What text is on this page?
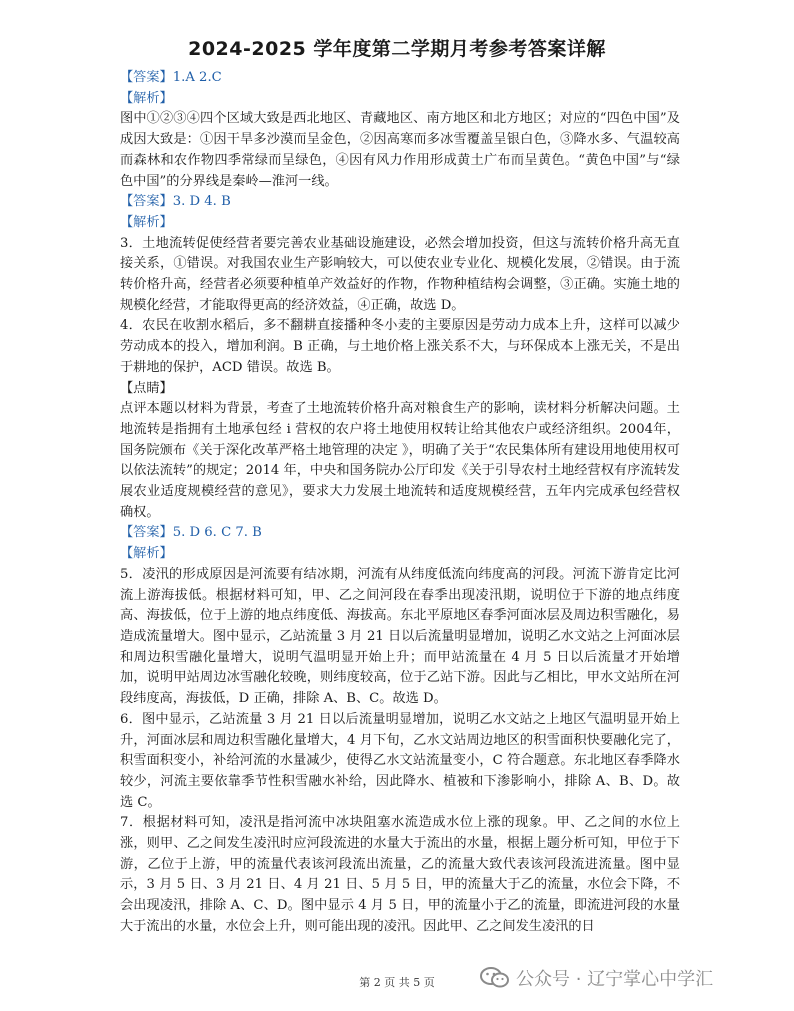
2024-2025 学年度第二学期月考参考答案详解

【答案】1.A 2.C

【解析】

图中①②③④四个区域大致是西北地区、青藏地区、南方地区和北方地区；对应的“四色中国”及成因大致是：①因干旱多沙漠而呈金色，②因高寒而多冰雪覆盖呈银白色，③降水多、气温较高而森林和农作物四季常绿而呈绿色，④因有风力作用形成黄土广布而呈黄色。“黄色中国”与“绿色中国”的分界线是秦岭—淮河一线。

【答案】3. D 4. B

【解析】

3．土地流转促使经营者要完善农业基础设施建设，必然会增加投资，但这与流转价格升高无直接关系，①错误。对我国农业生产影响较大，可以使农业专业化、规模化发展，②错误。由于流转价格升高，经营者必须要种植单产效益好的作物，作物种植结构会调整，③正确。实施土地的规模化经营，才能取得更高的经济效益，④正确，故选 D。

4．农民在收割水稻后，多不翻耕直接播种冬小麦的主要原因是劳动力成本上升，这样可以减少劳动成本的投入，增加利润。B 正确，与土地价格上涨关系不大，与环保成本上涨无关，不是出于耕地的保护，ACD 错误。故选 B。

【点睛】

点评本题以材料为背景，考查了土地流转价格升高对粮食生产的影响，读材料分析解决问题。土地流转是指拥有土地承包经 i 营权的农户将土地使用权转让给其他农户或经济组织。2004年，国务院颁布《关于深化改革严格土地管理的决定 》，明确了关于“农民集体所有建设用地使用权可以依法流转”的规定；2014 年，中央和国务院办公厅印发《关于引导农村土地经营权有序流转发展农业适度规模经营的意见》，要求大力发展土地流转和适度规模经营，五年内完成承包经营权确权。

【答案】5. D 6. C 7. B

【解析】

5．凌汛的形成原因是河流要有结冰期，河流有从纬度低流向纬度高的河段。河流下游肯定比河流上游海拔低。根据材料可知，甲、乙之间河段在春季出现凌汛期，说明位于下游的地点纬度高、海拔低，位于上游的地点纬度低、海拔高。东北平原地区春季河面冰层及周边积雪融化，易造成流量增大。图中显示，乙站流量 3 月 21 日以后流量明显增加，说明乙水文站之上河面冰层和周边积雪融化量增大，说明气温明显开始上升；而甲站流量在 4 月 5 日以后流量才开始增加，说明甲站周边冰雪融化较晚，则纬度较高，位于乙站下游。因此与乙相比，甲水文站所在河段纬度高，海拔低，D 正确，排除 A、B、C。故选 D。

6．图中显示，乙站流量 3 月 21 日以后流量明显增加，说明乙水文站之上地区气温明显开始上升，河面冰层和周边积雪融化量增大，4 月下旬，乙水文站周边地区的积雪面积快要融化完了，积雪面积变小，补给河流的水量减少，使得乙水文站流量变小，C 符合题意。东北地区春季降水较少，河流主要依靠季节性积雪融水补给，因此降水、植被和下渗影响小，排除 A、B、D。故选 C。

7．根据材料可知，凌汛是指河流中冰块阻塞水流造成水位上涨的现象。甲、乙之间的水位上涨，则甲、乙之间发生凌汛时应河段流进的水量大于流出的水量，根据上题分析可知，甲位于下游，乙位于上游，甲的流量代表该河段流出流量，乙的流量大致代表该河段流进流量。图中显示，3 月 5 日、3 月 21 日、4 月 21 日、5 月 5 日，甲的流量大于乙的流量，水位会下降，不会出现凌汛，排除 A、C、D。图中显示 4 月 5 日，甲的流量小于乙的流量，即流进河段的水量大于流出的水量，水位会上升，则可能出现的凌汛。因此甲、乙之间发生凌汛的日

第 2 页 共 5 页	公众号 · 辽宁掌心中学汇
